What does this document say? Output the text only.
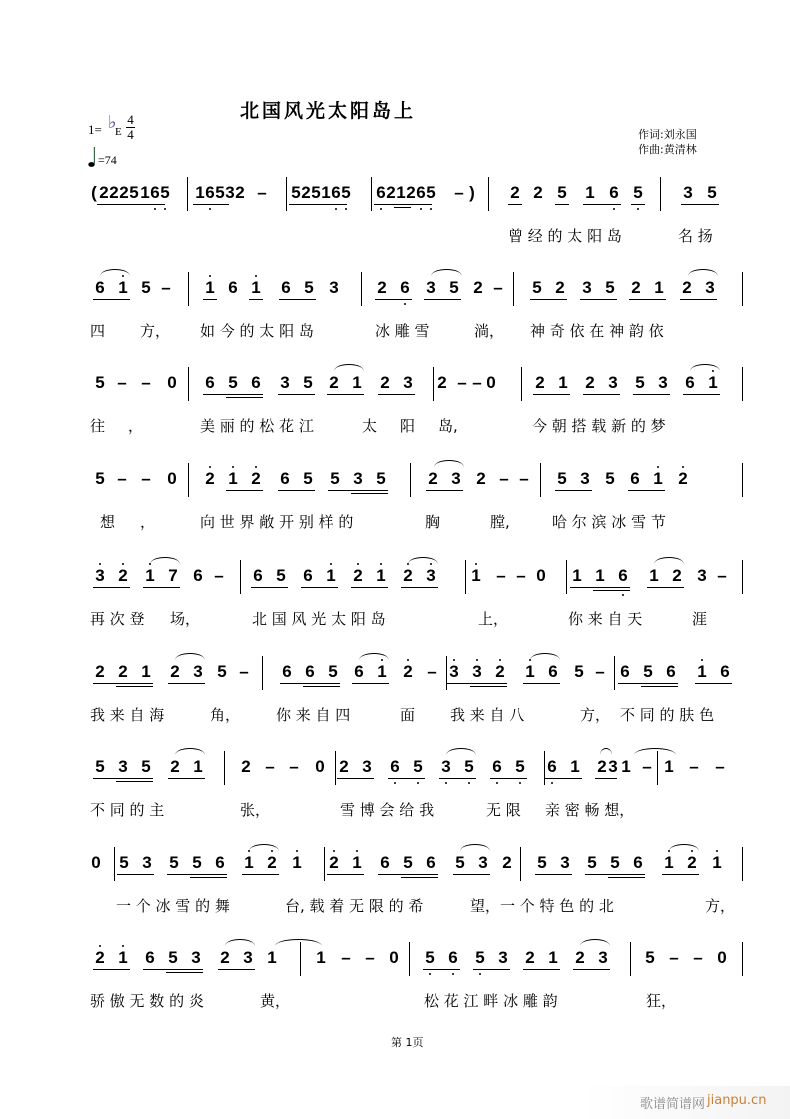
北国风光太阳岛上
1= ♭
E
4
4
=74
作词:刘永国
作曲:黄清林
( 2 2 2 5 1 6 5 1 6 5 3 2 – 5 2 5 1 6 5 6 2 1 2 6 5 – ) 2 2 5 1 6 5 3 5
曾 经 的 太 阳 岛	名 扬
6 1 5 – 1 6 1 6 5 3 2 6 3 5 2 – 5 2 3 5 2 1 2 3
四 方， 如 今 的 太 阳 岛	冰 雕 雪	淌， 神 奇 依 在 神 韵 依
5 – – 0 6 5 6 3 5 2 1 2 3 2 – – 0 2 1 2 3 5 3 6 1
往 ，	美 丽 的 松 花 江	太 阳 岛,	今 朝 搭 载 新 的 梦
5 – – 0 2 1 2 6 5 5 3 5	2 3 2 – – 5 3 5 6 1 2
想 ，	向 世 界 敞 开 别 样 的	胸	膛,	哈 尔 滨 冰 雪 节
3 2 1 7 6 – 6 5 6 1 2 1 2 3 1 – – 0 1 1 6 1 2 3 –
再 次 登 场，	北 国 风 光 太 阳 岛	上，	你 来 自 天	涯
2 2 1 2 3 5 – 6 6 5 6 1 2 – 3 3 2 1 6 5 – 6 5 6 1 6
我 来 自 海	角， 你 来 自 四	面 我 来 自 八	方， 不 同 的 肤 色
5 3 5 2 1 2 – – 0 2 3 6 5 3 5 6 5 6 1 2 3 1 – 1 – –
不 同 的 主	张，	雪 博 会 给 我	无 限 亲 密 畅 想，
0 5 3 5 5 6 1 2 1 2 1 6 5 6 5 3 2 5 3 5 5 6 1 2 1
一 个 冰 雪 的 舞	台, 载 着 无 限 的 希	望，一 个 特 色 的 北	方，
2 1 6 5 3 2 3 1 1 – – 0 5 6 5 3 2 1 2 3 5 – – 0
骄 傲 无 数 的 炎	黄，	松 花 江 畔 冰 雕 韵	狂，
第 1页
歌谱简谱网 jianpu.cn
